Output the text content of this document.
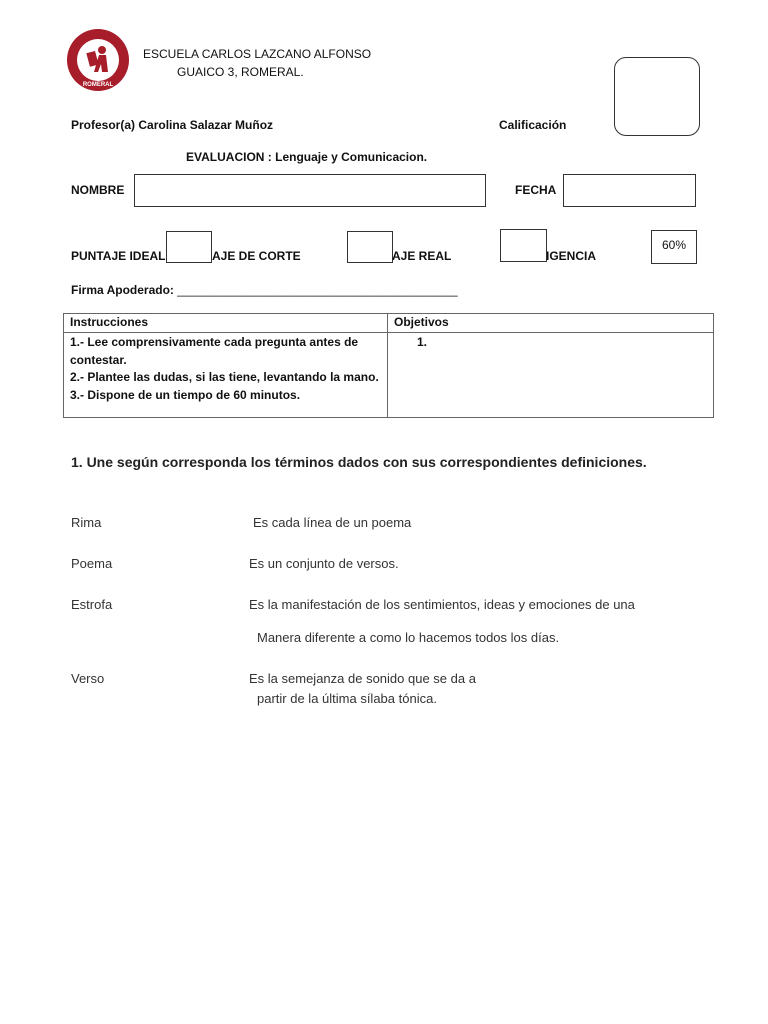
ROMERAL
ESCUELA CARLOS LAZCANO ALFONSO
GUAICO 3, ROMERAL.
Profesor(a) Carolina Salazar Muñoz	Calificación
EVALUACION : Lenguaje y Comunicacion.
NOMBRE	FECHA
PUNTAJE IDEAL	AJE DE CORTE	AJE REAL	IGENCIA
60%
Firma Apoderado: __________________________________________
Instrucciones	Objetivos

1.- Lee comprensivamente cada pregunta antes de contestar.
2.- Plantee las dudas, si las tiene, levantando la mano.
3.- Dispone de un tiempo de 60 minutos.	1.
1. Une según corresponda los términos dados con sus correspondientes definiciones.
Rima	Es cada línea de un poema
Poema	Es un conjunto de versos.
Estrofa	Es la manifestación de los sentimientos, ideas y emociones de una
Manera diferente a como lo hacemos todos los días.
Verso	Es la semejanza de sonido que se da a
partir de la última sílaba tónica.
